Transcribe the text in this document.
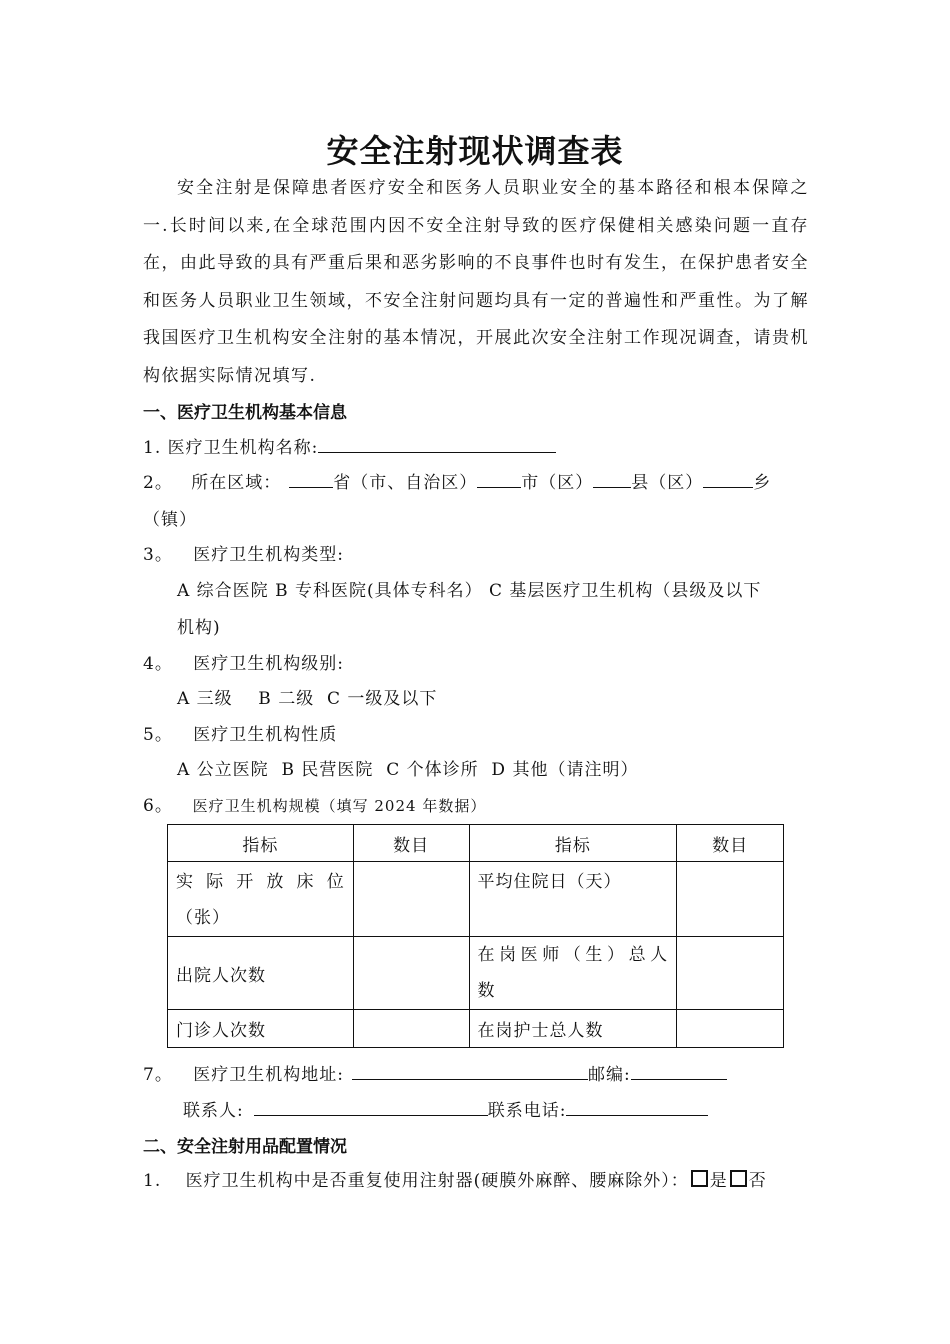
安全注射现状调查表
安全注射是保障患者医疗安全和医务人员职业安全的基本路径和根本保障之一.长时间以来,在全球范围内因不安全注射导致的医疗保健相关感染问题一直存在，由此导致的具有严重后果和恶劣影响的不良事件也时有发生，在保护患者安全和医务人员职业卫生领域，不安全注射问题均具有一定的普遍性和严重性。为了解我国医疗卫生机构安全注射的基本情况，开展此次安全注射工作现况调查，请贵机构依据实际情况填写.
一、医疗卫生机构基本信息
1. 医疗卫生机构名称:
2。 所在区域：	省（市、自治区）	市（区） 县（区）	乡
（镇）
3。 医疗卫生机构类型:
A 综合医院 B 专科医院(具体专科名） C 基层医疗卫生机构（县级及以下
机构)
4。 医疗卫生机构级别:
A 三级    B 二级  C 一级及以下
5。 医疗卫生机构性质
A 公立医院  B 民营医院  C 个体诊所  D 其他（请注明）
6。 医疗卫生机构规模（填写 2024 年数据）
指标	数目	指标	数目

实际开放床位
（张）		平均住院日（天）	
出院人次数		在岗医师（生）总人
数	

门诊人次数		在岗护士总人数	
7。 医疗卫生机构地址:	邮编:
联系人:	联系电话:
二、安全注射用品配置情况
1. 医疗卫生机构中是否重复使用注射器(硬膜外麻醉、腰麻除外）： 是 否
